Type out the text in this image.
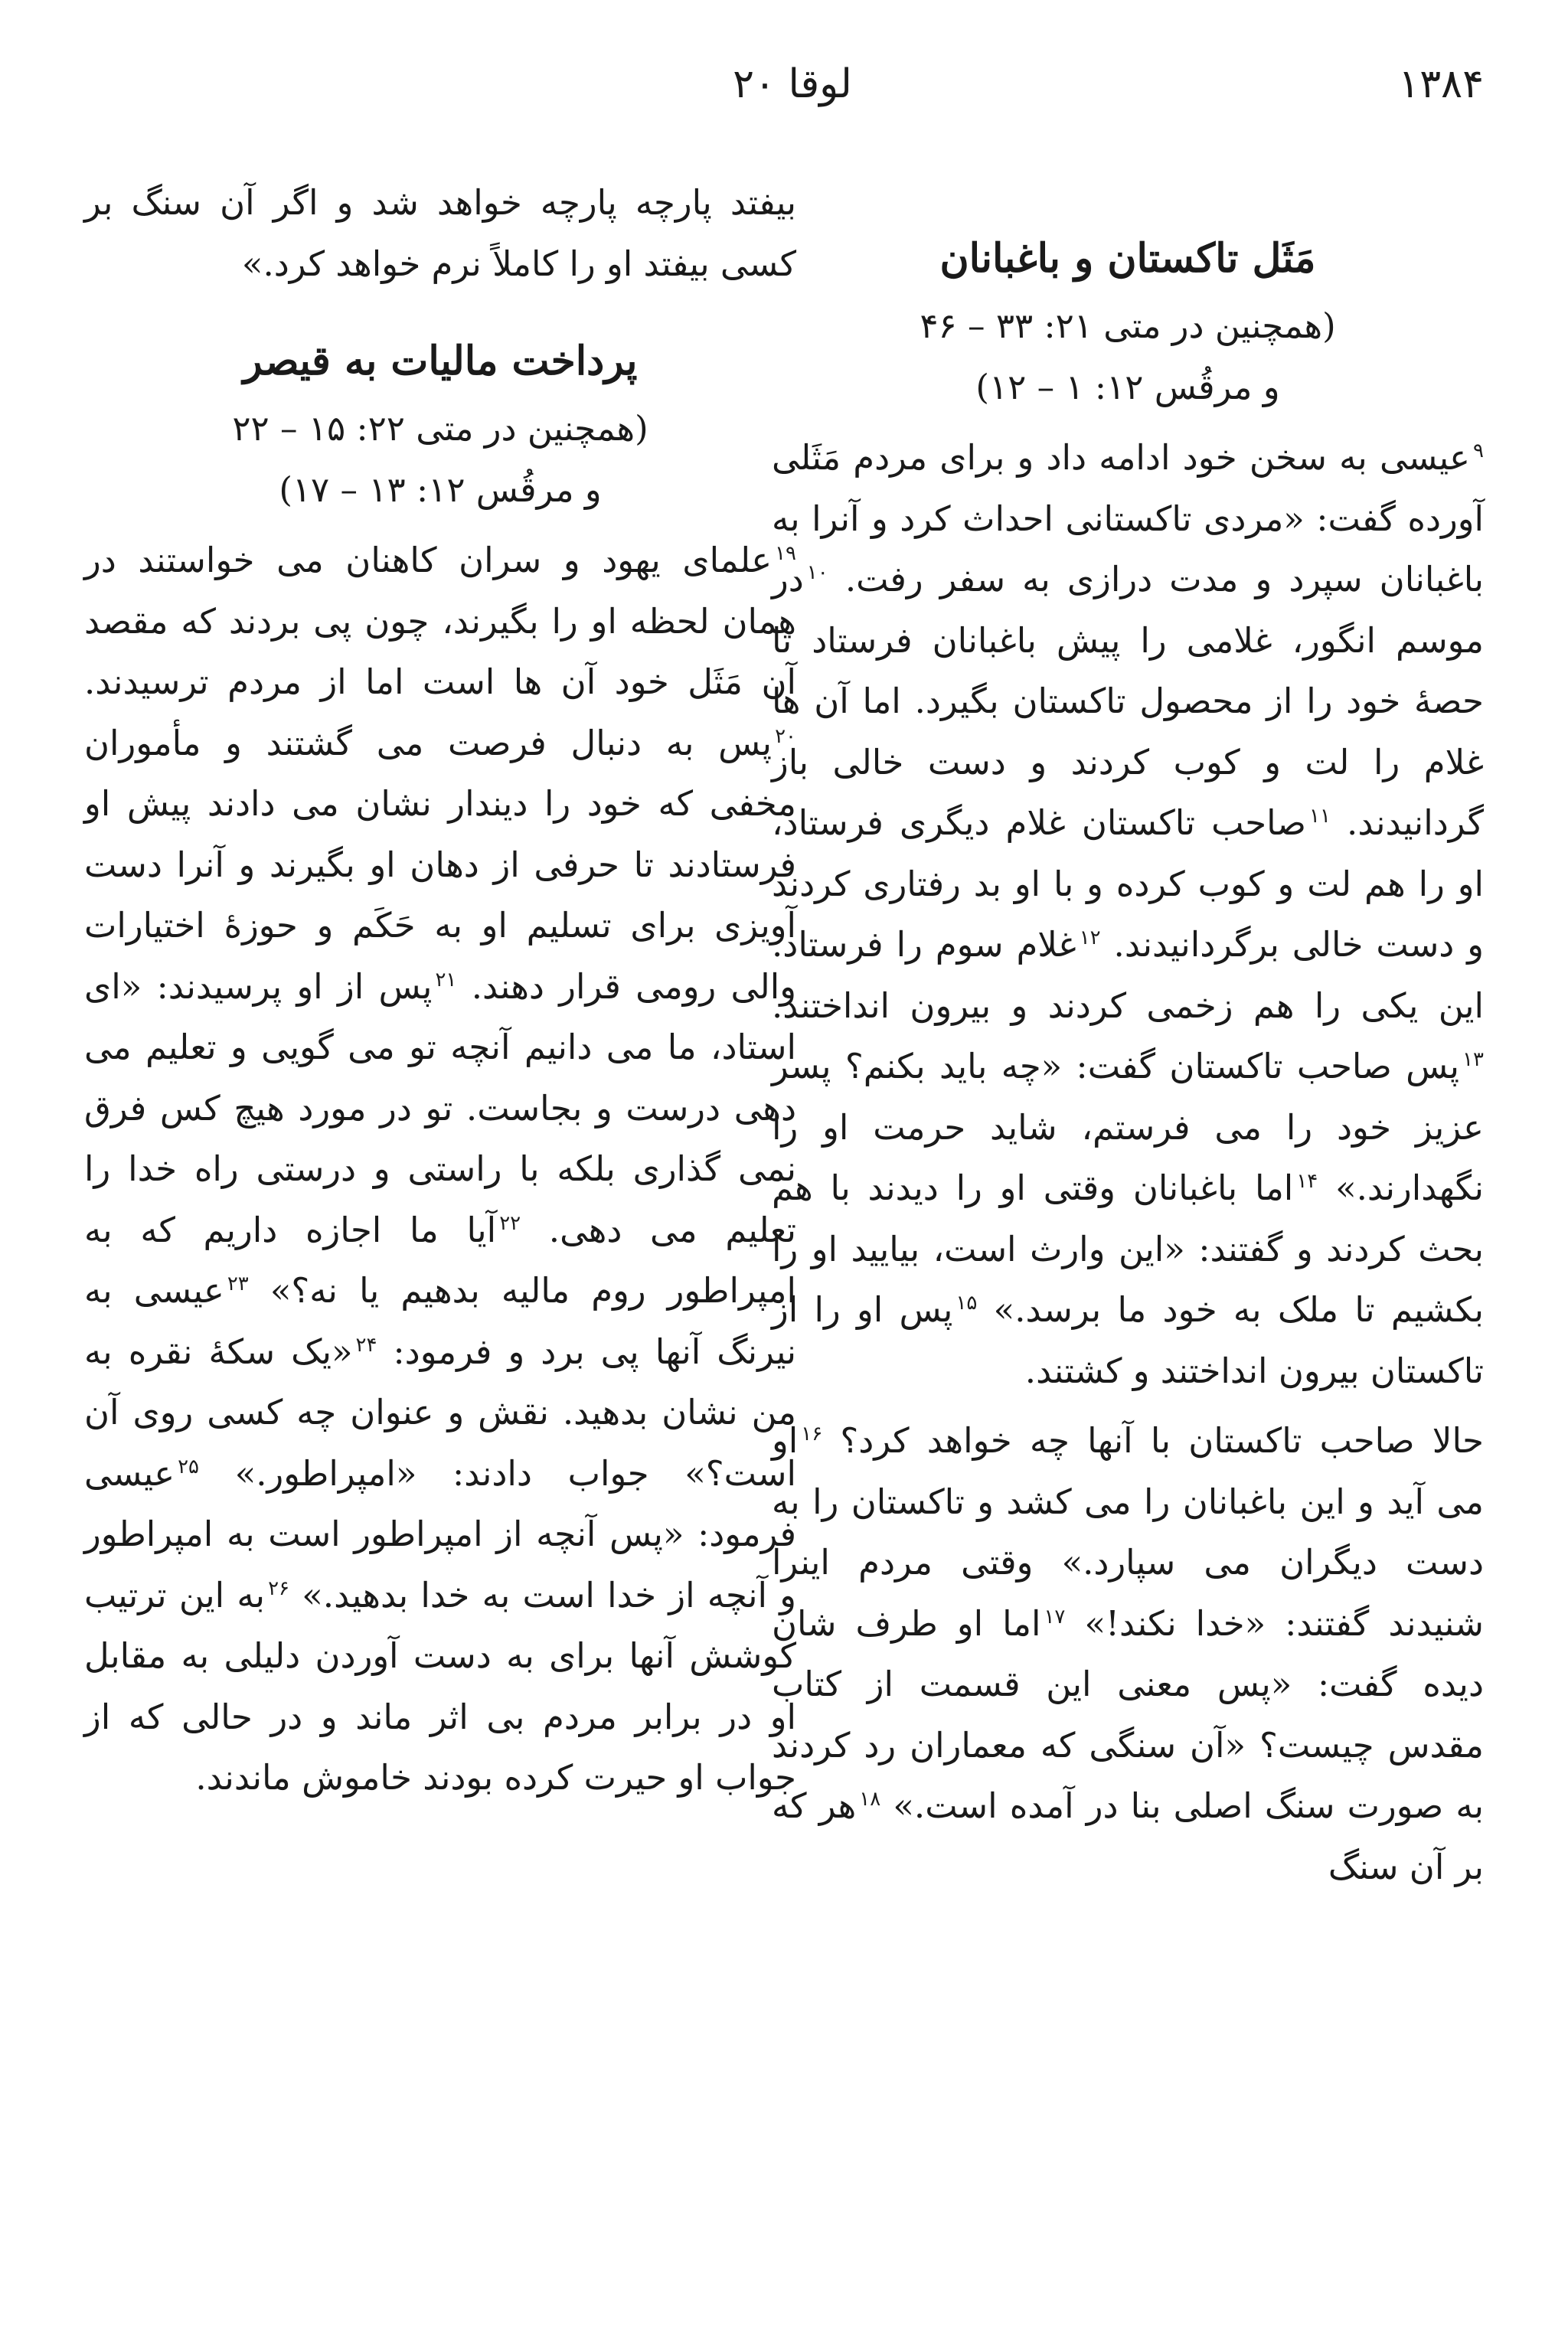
۱۳۸۴
لوقا ۲۰
مَثَل تاکستان و باغبانان
(همچنین در متی ۲۱: ۳۳ – ۴۶
و مرقُس ۱۲: ۱ – ۱۲)

$^۹$عیسی به سخن خود ادامه داد و برای مردم مَثَلی آورده گفت: «مردی تاکستانی احداث کرد و آنرا به باغبانان سپرد و مدت درازی به سفر رفت. $^{۱۰}$در موسم انگور، غلامی را پیش باغبانان فرستاد تا حصهٔ خود را از محصول تاکستان بگیرد. اما آن ها غلام را لت و کوب کردند و دست خالی باز گردانیدند. $^{۱۱}$صاحب تاکستان غلام دیگری فرستاد، او را هم لت و کوب کرده و با او بد رفتاری کردند و دست خالی برگردانیدند. $^{۱۲}$غلام سوم را فرستاد. این یکی را هم زخمی کردند و بیرون انداختند. $^{۱۳}$پس صاحب تاکستان گفت: «چه باید بکنم؟ پسر عزیز خود را می فرستم، شاید حرمت او را نگهدارند.» $^{۱۴}$اما باغبانان وقتی او را دیدند با هم بحث کردند و گفتند: «این وارث است، بیایید او را بکشیم تا ملک به خود ما برسد.» $^{۱۵}$پس او را از تاکستان بیرون انداختند و کشتند.

حالا صاحب تاکستان با آنها چه خواهد کرد؟ $^{۱۶}$او می آید و این باغبانان را می کشد و تاکستان را به دست دیگران می سپارد.» وقتی مردم اینرا شنیدند گفتند: «خدا نکند!» $^{۱۷}$اما او طرف شان دیده گفت: «پس معنی این قسمت از کتاب مقدس چیست؟ «آن سنگی که معماران رد کردند به صورت سنگ اصلی بنا در آمده است.» $^{۱۸}$هر که بر آن سنگ

بیفتد پارچه پارچه خواهد شد و اگر آن سنگ بر کسی بیفتد او را کاملاً نرم خواهد کرد.»

پرداخت مالیات به قیصر
(همچنین در متی ۲۲: ۱۵ – ۲۲
و مرقُس ۱۲: ۱۳ – ۱۷)

$^{۱۹}$علمای یهود و سران کاهنان می خواستند در همان لحظه او را بگیرند، چون پی بردند که مقصد آن مَثَل خود آن ها است اما از مردم ترسیدند. $^{۲۰}$پس به دنبال فرصت می گشتند و مأموران مخفی که خود را دیندار نشان می دادند پیش او فرستادند تا حرفی از دهان او بگیرند و آنرا دست آویزی برای تسلیم او به حَکَم و حوزهٔ اختیارات والی رومی قرار دهند. $^{۲۱}$پس از او پرسیدند: «ای استاد، ما می دانیم آنچه تو می گویی و تعلیم می دهی درست و بجاست. تو در مورد هیچ کس فرق نمی گذاری بلکه با راستی و درستی راه خدا را تعلیم می دهی. $^{۲۲}$آیا ما اجازه داریم که به امپراطور روم مالیه بدهیم یا نه؟» $^{۲۳}$عیسی به نیرنگ آنها پی برد و فرمود: $^{۲۴}$«یک سکهٔ نقره به من نشان بدهید. نقش و عنوان چه کسی روی آن است؟» جواب دادند: «امپراطور.» $^{۲۵}$عیسی فرمود: «پس آنچه از امپراطور است به امپراطور و آنچه از خدا است به خدا بدهید.» $^{۲۶}$به این ترتیب کوشش آنها برای به دست آوردن دلیلی به مقابل او در برابر مردم بی اثر ماند و در حالی که از جواب او حیرت کرده بودند خاموش ماندند.
